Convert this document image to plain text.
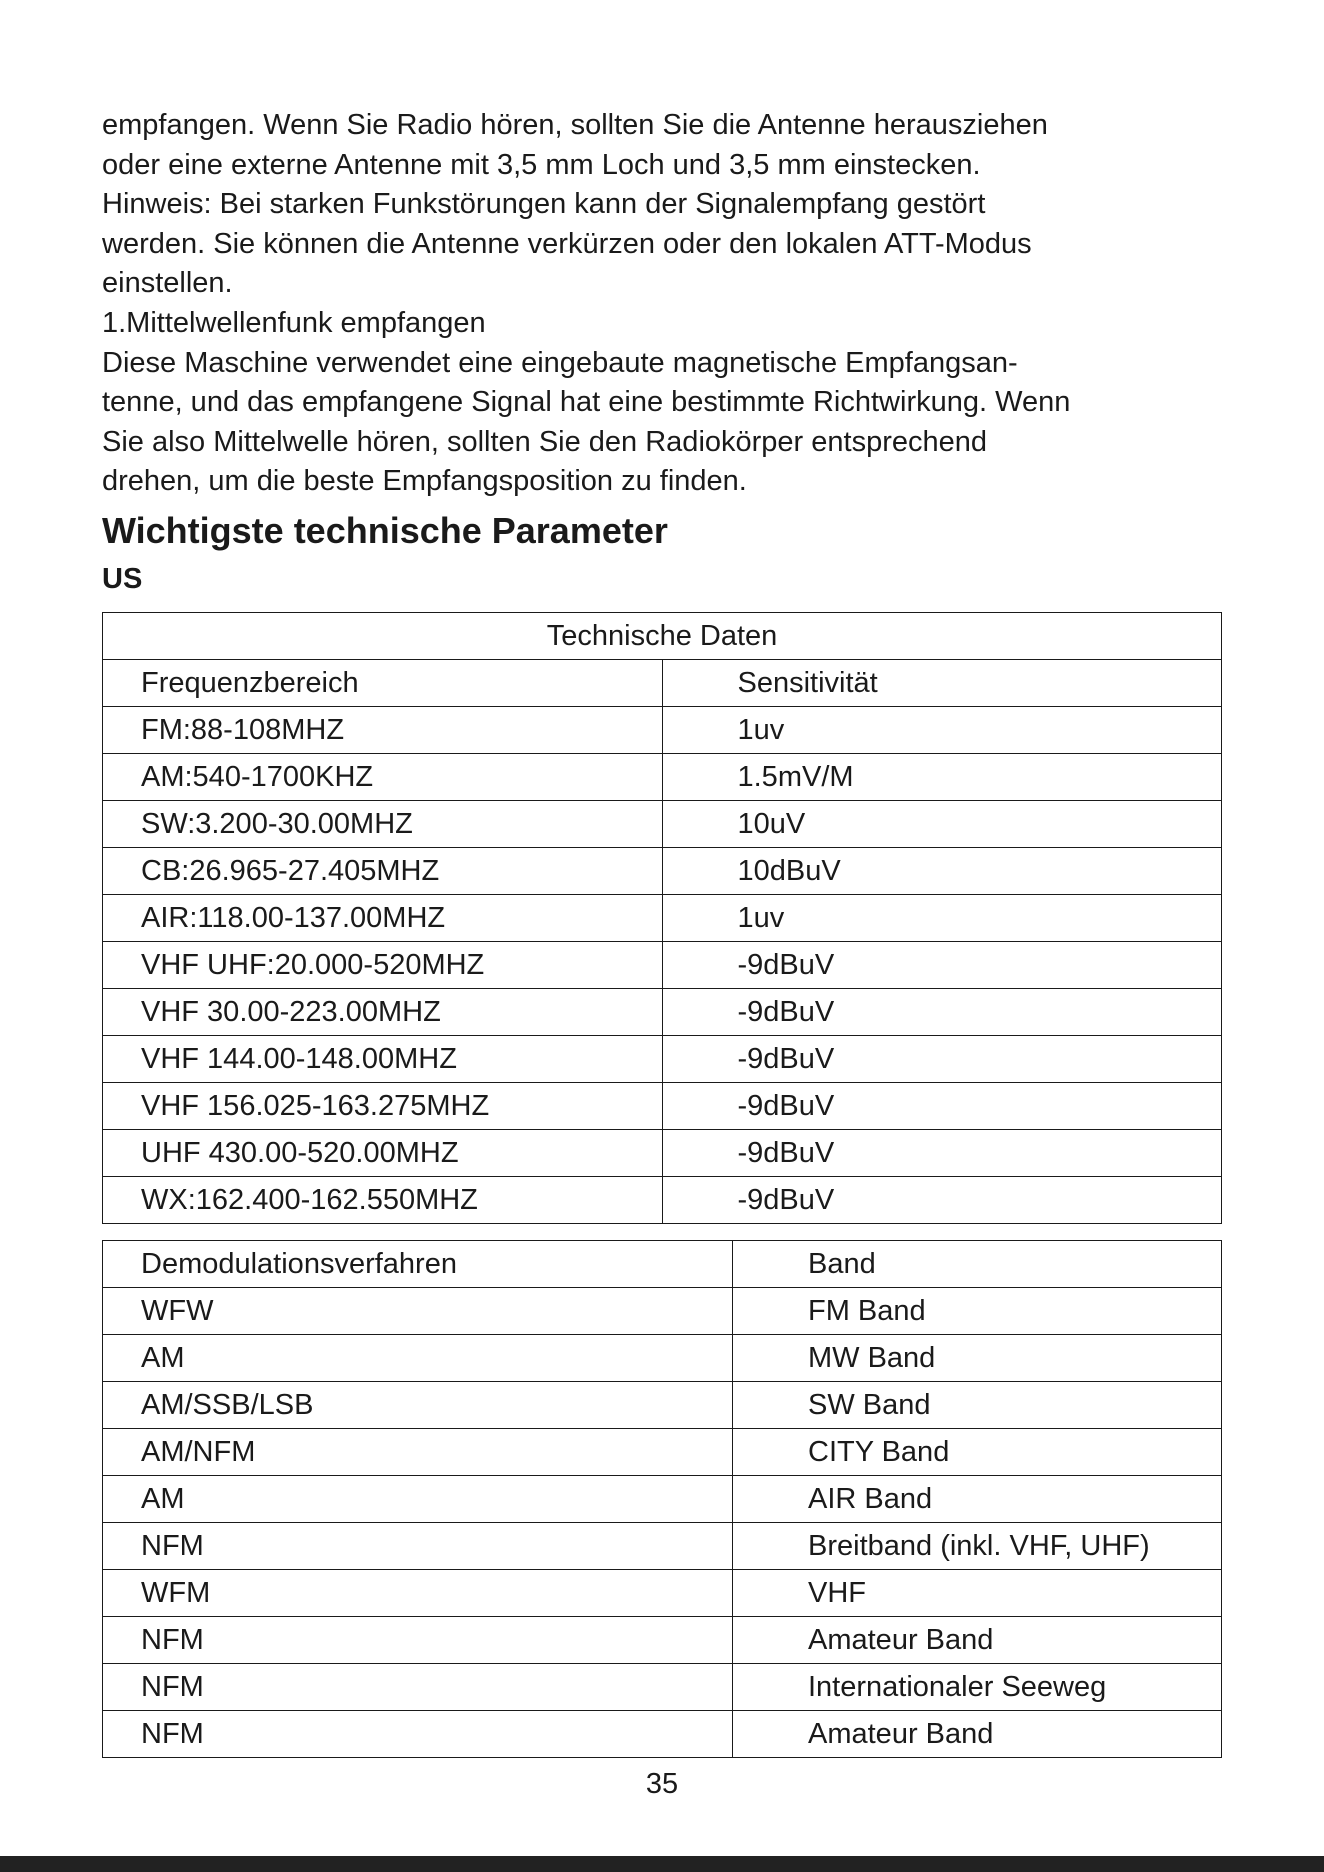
empfangen. Wenn Sie Radio hören, sollten Sie die Antenne herausziehen

oder eine externe Antenne mit 3,5 mm Loch und 3,5 mm einstecken.

Hinweis: Bei starken Funkstörungen kann der Signalempfang gestört

werden. Sie können die Antenne verkürzen oder den lokalen ATT-Modus

einstellen.

1.Mittelwellenfunk empfangen

Diese Maschine verwendet eine eingebaute magnetische Empfangsan-

tenne, und das empfangene Signal hat eine bestimmte Richtwirkung. Wenn

Sie also Mittelwelle hören, sollten Sie den Radiokörper entsprechend

drehen, um die beste Empfangsposition zu finden.

Wichtigste technische Parameter
US
Technische Daten	
Frequenzbereich	Sensitivität
FM:88-108MHZ	1uv
AM:540-1700KHZ	1.5mV/M
SW:3.200-30.00MHZ	10uV
CB:26.965-27.405MHZ	10dBuV
AIR:118.00-137.00MHZ	1uv
VHF UHF:20.000-520MHZ	-9dBuV
VHF 30.00-223.00MHZ	-9dBuV
VHF 144.00-148.00MHZ	-9dBuV
VHF 156.025-163.275MHZ	-9dBuV
UHF 430.00-520.00MHZ	-9dBuV
WX:162.400-162.550MHZ	-9dBuV
Demodulationsverfahren	Band
WFW	FM Band
AM	MW Band
AM/SSB/LSB	SW Band
AM/NFM	CITY Band
AM	AIR Band
NFM	Breitband (inkl. VHF, UHF)
WFM	VHF
NFM	Amateur Band
NFM	Internationaler Seeweg
NFM	Amateur Band
35
